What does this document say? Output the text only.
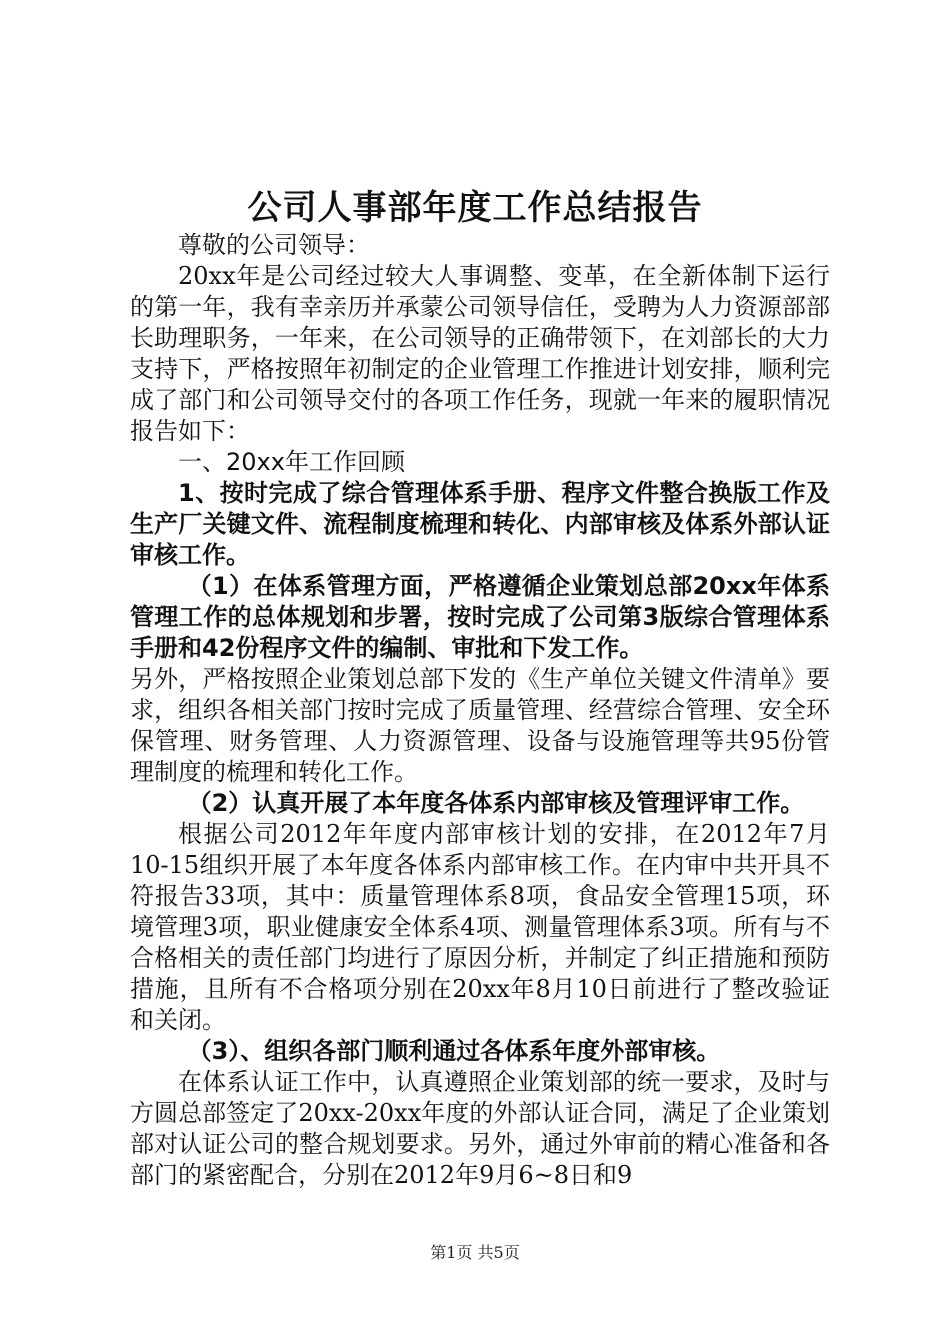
公司人事部年度工作总结报告

尊敬的公司领导：

20xx年是公司经过较大人事调整、变革，在全新体制下运行的第一年，我有幸亲历并承蒙公司领导信任，受聘为人力资源部部长助理职务，一年来，在公司领导的正确带领下，在刘部长的大力支持下，严格按照年初制定的企业管理工作推进计划安排，顺利完成了部门和公司领导交付的各项工作任务，现就一年来的履职情况报告如下：

一、20xx年工作回顾

1、按时完成了综合管理体系手册、程序文件整合换版工作及生产厂关键文件、流程制度梳理和转化、内部审核及体系外部认证审核工作。

（1）在体系管理方面，严格遵循企业策划总部20xx年体系管理工作的总体规划和步署，按时完成了公司第3版综合管理体系手册和42份程序文件的编制、审批和下发工作。

另外，严格按照企业策划总部下发的《生产单位关键文件清单》要求，组织各相关部门按时完成了质量管理、经营综合管理、安全环保管理、财务管理、人力资源管理、设备与设施管理等共95份管理制度的梳理和转化工作。

（2）认真开展了本年度各体系内部审核及管理评审工作。

根据公司2012年年度内部审核计划的安排，在2012年7月10-15组织开展了本年度各体系内部审核工作。在内审中共开具不符报告33项，其中：质量管理体系8项，食品安全管理15项，环境管理3项，职业健康安全体系4项、测量管理体系3项。所有与不合格相关的责任部门均进行了原因分析，并制定了纠正措施和预防措施，且所有不合格项分别在20xx年8月10日前进行了整改验证和关闭。

（3）、组织各部门顺利通过各体系年度外部审核。

在体系认证工作中，认真遵照企业策划部的统一要求，及时与方圆总部签定了20xx-20xx年度的外部认证合同，满足了企业策划部对认证公司的整合规划要求。另外，通过外审前的精心准备和各部门的紧密配合，分别在2012年9月6~8日和9

第1页 共5页
